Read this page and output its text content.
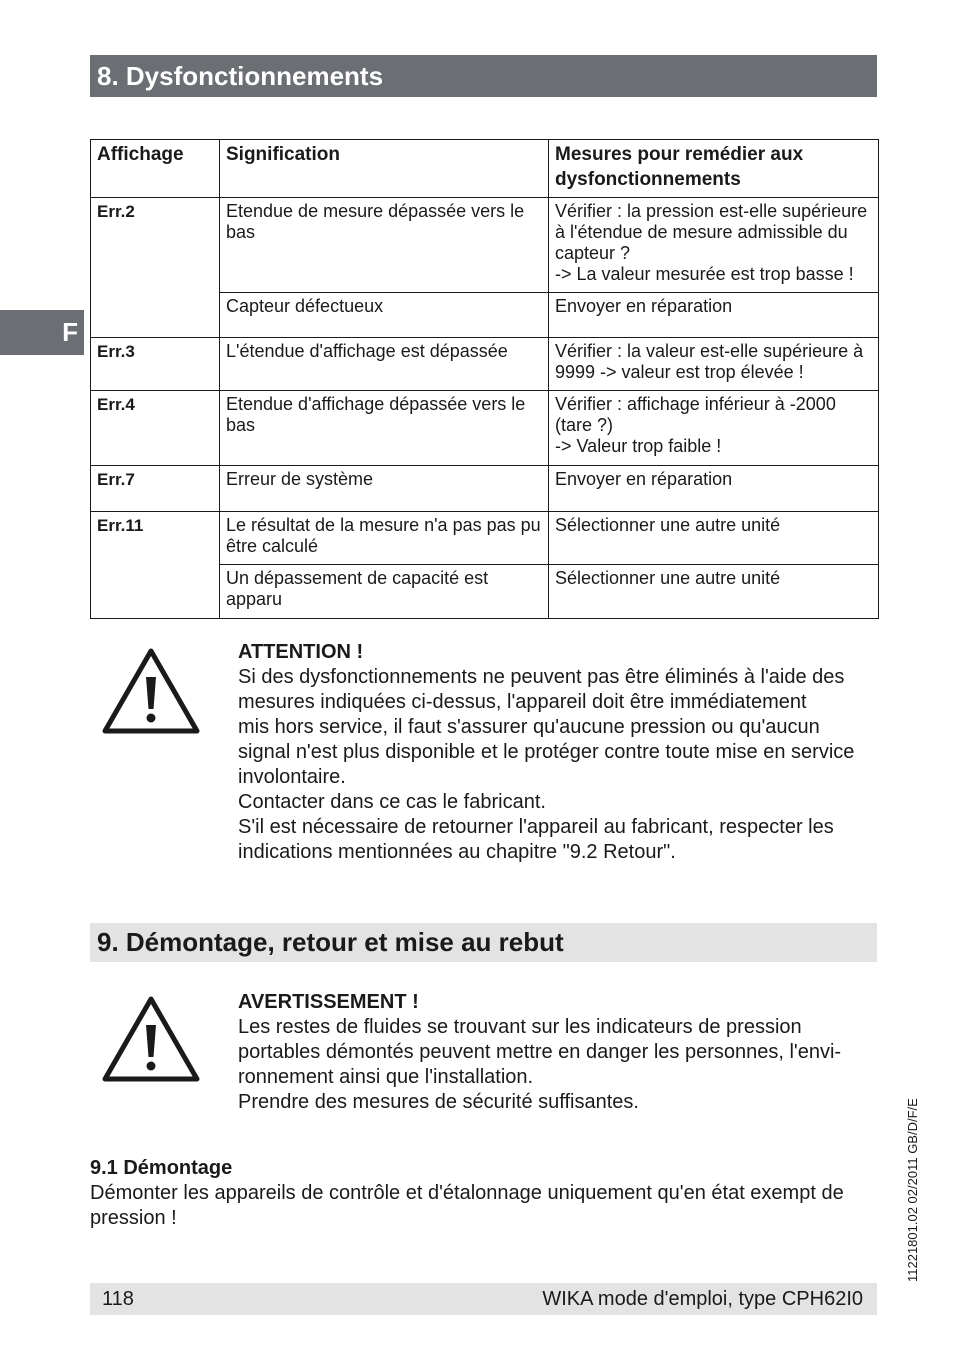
8. Dysfonctionnements
F
Affichage	Signification	Mesures pour remédier aux dysfonctionnements
Err.2	Etendue de mesure dépassée vers le bas	Vérifier : la pression est-elle supérieure à l'étendue de mesure admissible du capteur ?
-> La valeur mesurée est trop basse !
	Capteur défectueux	Envoyer en réparation
Err.3	L'étendue d'affichage est dépassée	Vérifier : la valeur est-elle supérieure à 9999 -> valeur est trop élevée !
Err.4	Etendue d'affichage dépassée vers le bas	Vérifier : affichage inférieur à -2000 (tare ?)
-> Valeur trop faible !
Err.7	Erreur de système	Envoyer en réparation
Err.11	Le résultat de la mesure n'a pas pas pu être calculé	Sélectionner une autre unité
	Un dépassement de capacité est apparu	Sélectionner une autre unité
ATTENTION !
Si des dysfonctionnements ne peuvent pas être éliminés à l'aide des
mesures indiquées ci-dessus, l'appareil doit être immédiatement
mis hors service, il faut s'assurer qu'aucune pression ou qu'aucun
signal n'est plus disponible et le protéger contre toute mise en service
involontaire.
Contacter dans ce cas le fabricant.
S'il est nécessaire de retourner l'appareil au fabricant, respecter les
indications mentionnées au chapitre "9.2 Retour".
9. Démontage, retour et mise au rebut
AVERTISSEMENT !
Les restes de fluides se trouvant sur les indicateurs de pression
portables démontés peuvent mettre en danger les personnes, l'envi-
ronnement ainsi que l'installation.
Prendre des mesures de sécurité suffisantes.
9.1 Démontage
Démonter les appareils de contrôle et d'étalonnage uniquement qu'en état exempt de
pression !
118	WIKA mode d'emploi, type CPH62I0
11221801.02 02/2011 GB/D/F/E
